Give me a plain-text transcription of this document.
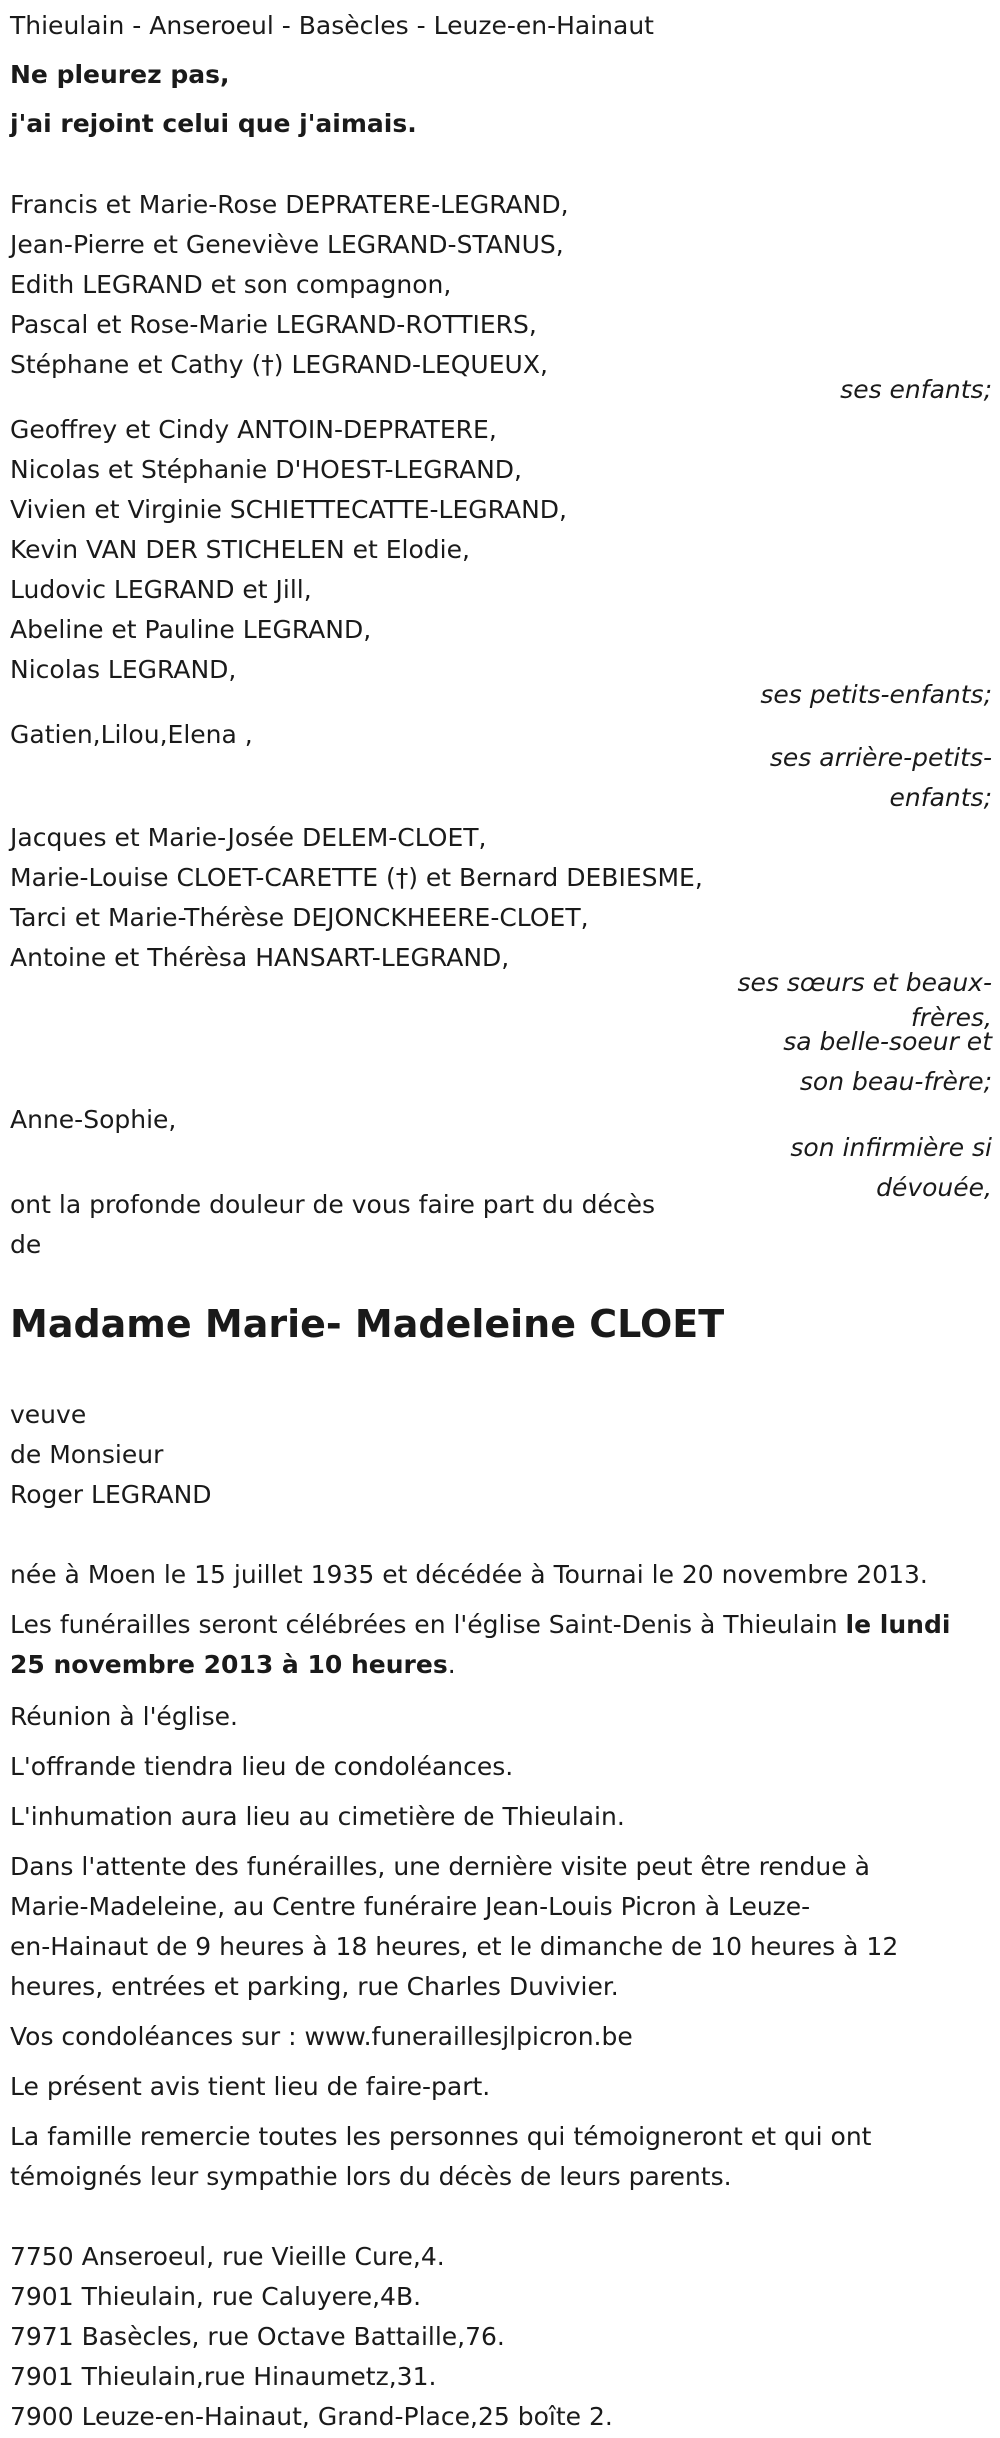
Thieulain - Anseroeul - Basècles - Leuze-en-Hainaut
Ne pleurez pas,
j'ai rejoint celui que j'aimais.
Francis et Marie-Rose DEPRATERE-LEGRAND,
Jean-Pierre et Geneviève LEGRAND-STANUS,
Edith LEGRAND et son compagnon,
Pascal et Rose-Marie LEGRAND-ROTTIERS,
Stéphane et Cathy (†) LEGRAND-LEQUEUX,
ses enfants;
Geoffrey et Cindy ANTOIN-DEPRATERE,
Nicolas et Stéphanie D'HOEST-LEGRAND,
Vivien et Virginie SCHIETTECATTE-LEGRAND,
Kevin VAN DER STICHELEN et Elodie,
Ludovic LEGRAND et Jill,
Abeline et Pauline LEGRAND,
Nicolas LEGRAND,
ses petits-enfants;
Gatien,Lilou,Elena ,
ses arrière-petits-
enfants;
Jacques et Marie-Josée DELEM-CLOET,
Marie-Louise CLOET-CARETTE (†) et Bernard DEBIESME,
Tarci et Marie-Thérèse DEJONCKHEERE-CLOET,
Antoine et Thérèsa HANSART-LEGRAND,
ses sœurs et beaux-
frères,
sa belle-soeur et
son beau-frère;
Anne-Sophie,
son infirmière si
dévouée,
ont la profonde douleur de vous faire part du décès
de
Madame Marie- Madeleine CLOET
veuve
de Monsieur
Roger LEGRAND
née à Moen le 15 juillet 1935 et décédée à Tournai le 20 novembre 2013.
Les funérailles seront célébrées en l'église Saint-Denis à Thieulain le lundi 25 novembre 2013 à 10 heures.
Réunion à l'église.
L'offrande tiendra lieu de condoléances.
L'inhumation aura lieu au cimetière de Thieulain.
Dans l'attente des funérailles, une dernière visite peut être rendue à
Marie-Madeleine, au Centre funéraire Jean-Louis Picron à Leuze-
en-Hainaut de 9 heures à 18 heures, et le dimanche de 10 heures à 12
heures, entrées et parking, rue Charles Duvivier.
Vos condoléances sur : www.funeraillesjlpicron.be
Le présent avis tient lieu de faire-part.
La famille remercie toutes les personnes qui témoigneront et qui ont
témoignés leur sympathie lors du décès de leurs parents.
7750 Anseroeul, rue Vieille Cure,4.
7901 Thieulain, rue Caluyere,4B.
7971 Basècles, rue Octave Battaille,76.
7901 Thieulain,rue Hinaumetz,31.
7900 Leuze-en-Hainaut, Grand-Place,25 boîte 2.
